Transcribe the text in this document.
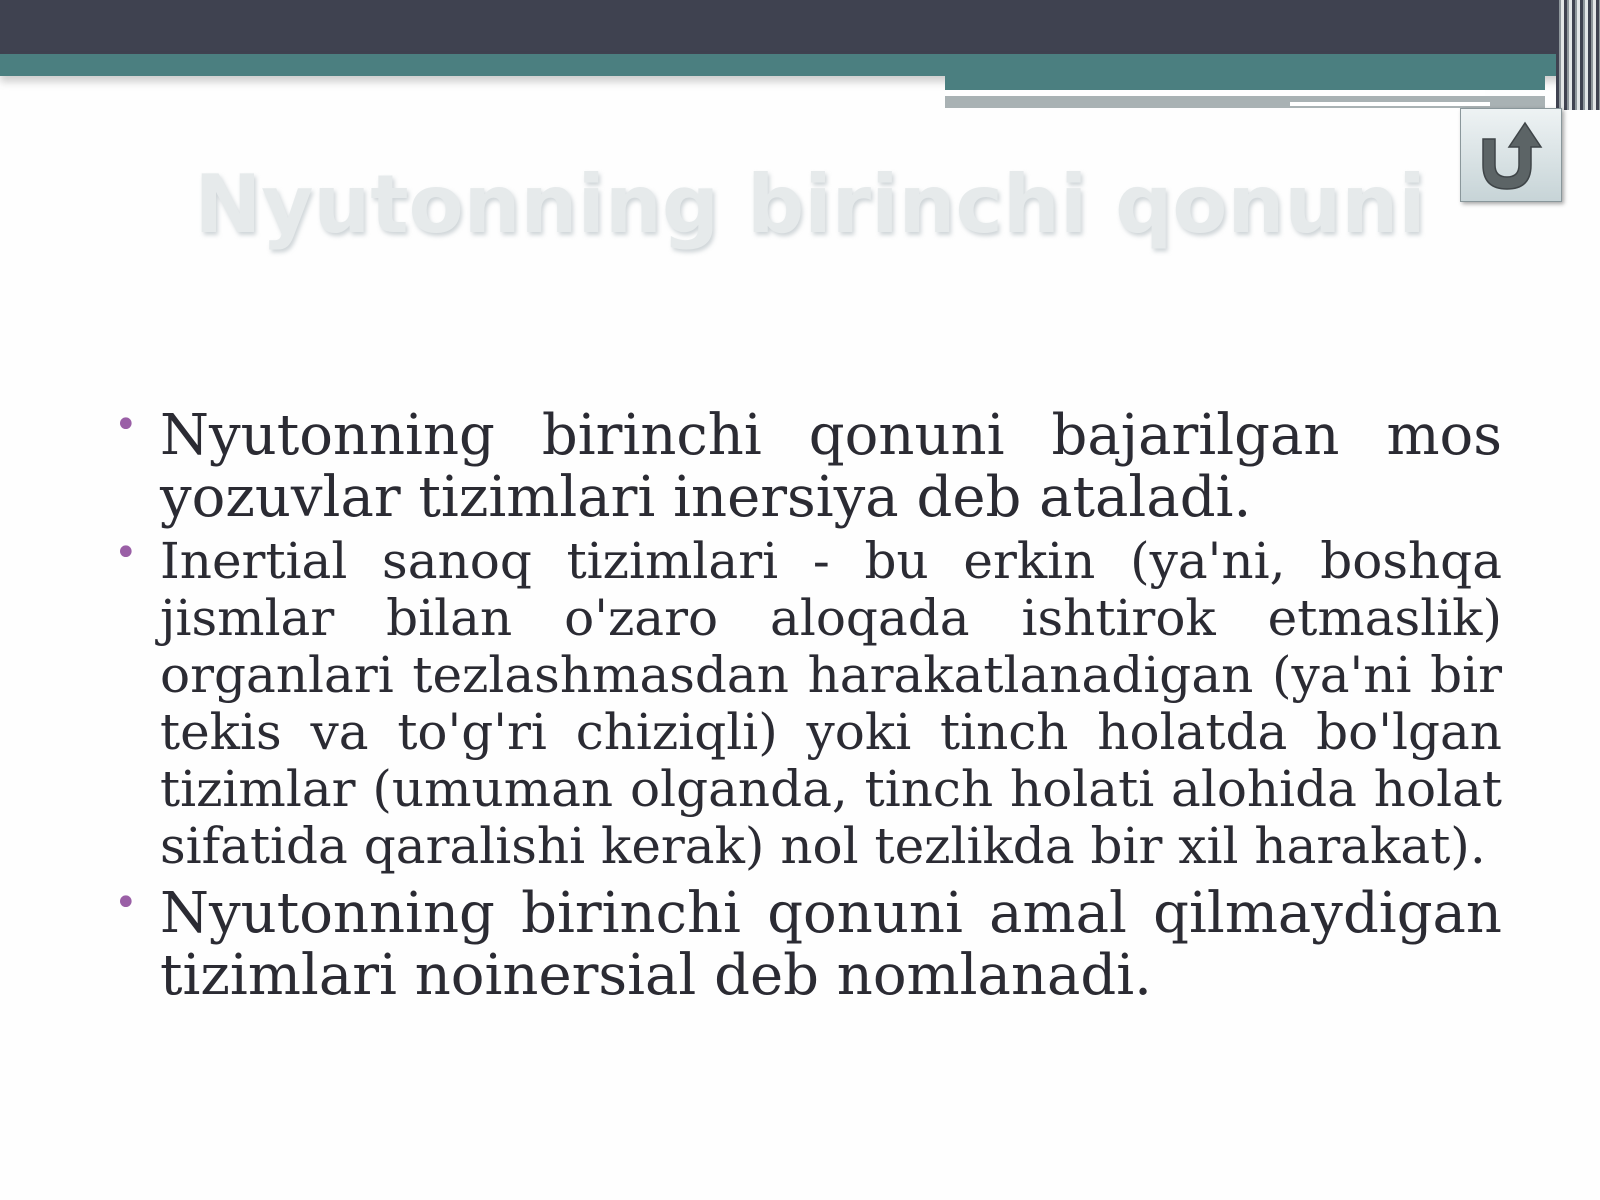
Nyutonning birinchi qonuni
• Nyutonning birinchi qonuni bajarilgan mos yozuvlar tizimlari inersiya deb ataladi.
• Inertial sanoq tizimlari - bu erkin (ya'ni, boshqa jismlar bilan o'zaro aloqada ishtirok etmaslik) organlari tezlashmasdan harakatlanadigan (ya'ni bir tekis va to'g'ri chiziqli) yoki tinch holatda bo'lgan tizimlar (umuman olganda, tinch holati alohida holat sifatida qaralishi kerak) nol tezlikda bir xil harakat).
• Nyutonning birinchi qonuni amal qilmaydigan tizimlari noinersial deb nomlanadi.
